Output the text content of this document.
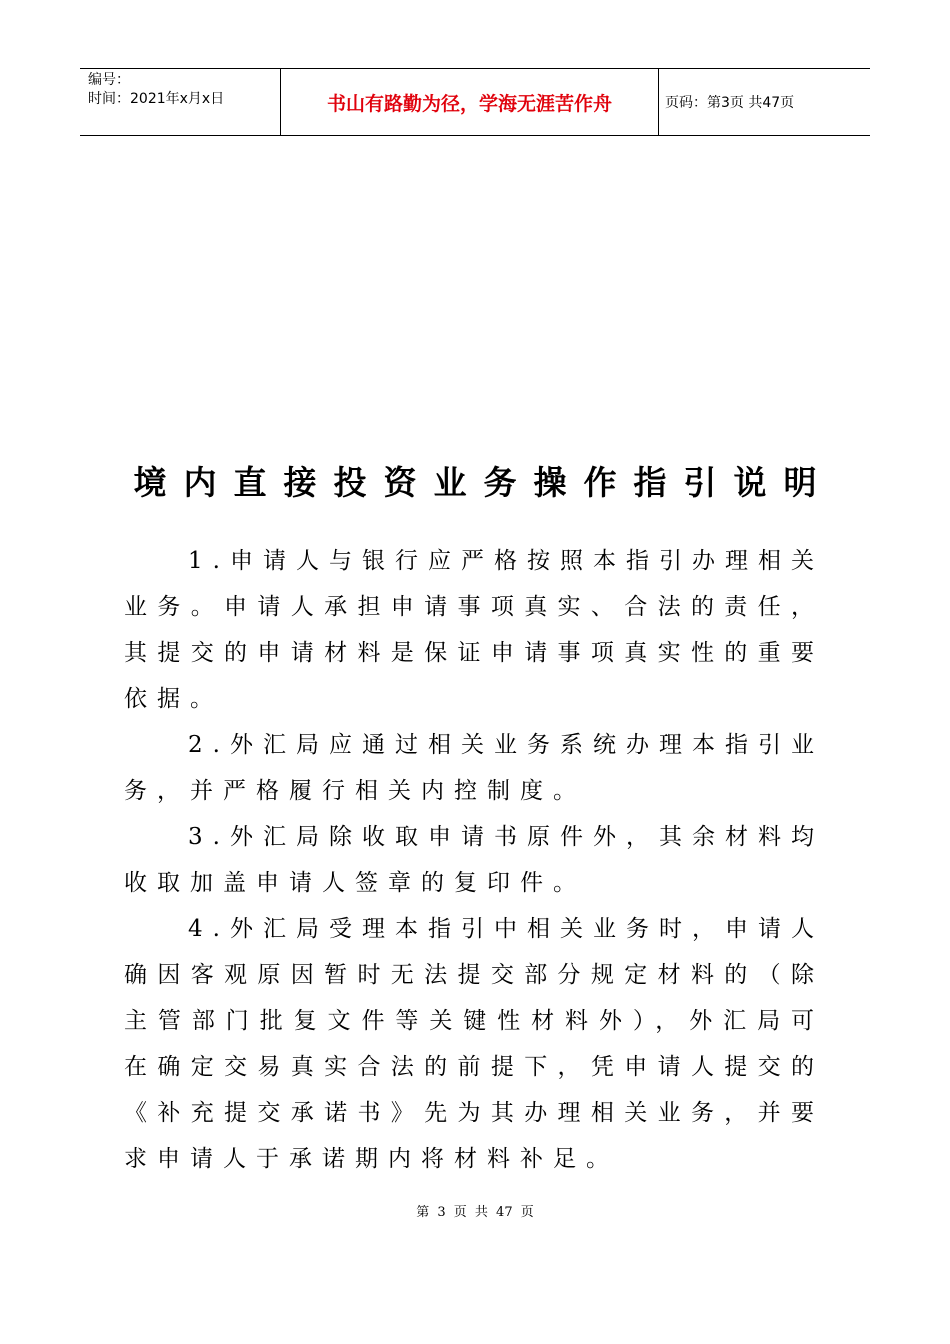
编号：
时间：2021年x月x日	书山有路勤为径，学海无涯苦作舟	页码：第3页 共47页
境内直接投资业务操作指引说明

1.申请人与银行应严格按照本指引办理相关业务。申请人承担申请事项真实、合法的责任，其提交的申请材料是保证申请事项真实性的重要依据。

2.外汇局应通过相关业务系统办理本指引业务，并严格履行相关内控制度。

3.外汇局除收取申请书原件外，其余材料均收取加盖申请人签章的复印件。

4.外汇局受理本指引中相关业务时，申请人确因客观原因暂时无法提交部分规定材料的（除主管部门批复文件等关键性材料外），外汇局可在确定交易真实合法的前提下，凭申请人提交的《补充提交承诺书》先为其办理相关业务，并要求申请人于承诺期内将材料补足。

第 3 页 共 47 页
